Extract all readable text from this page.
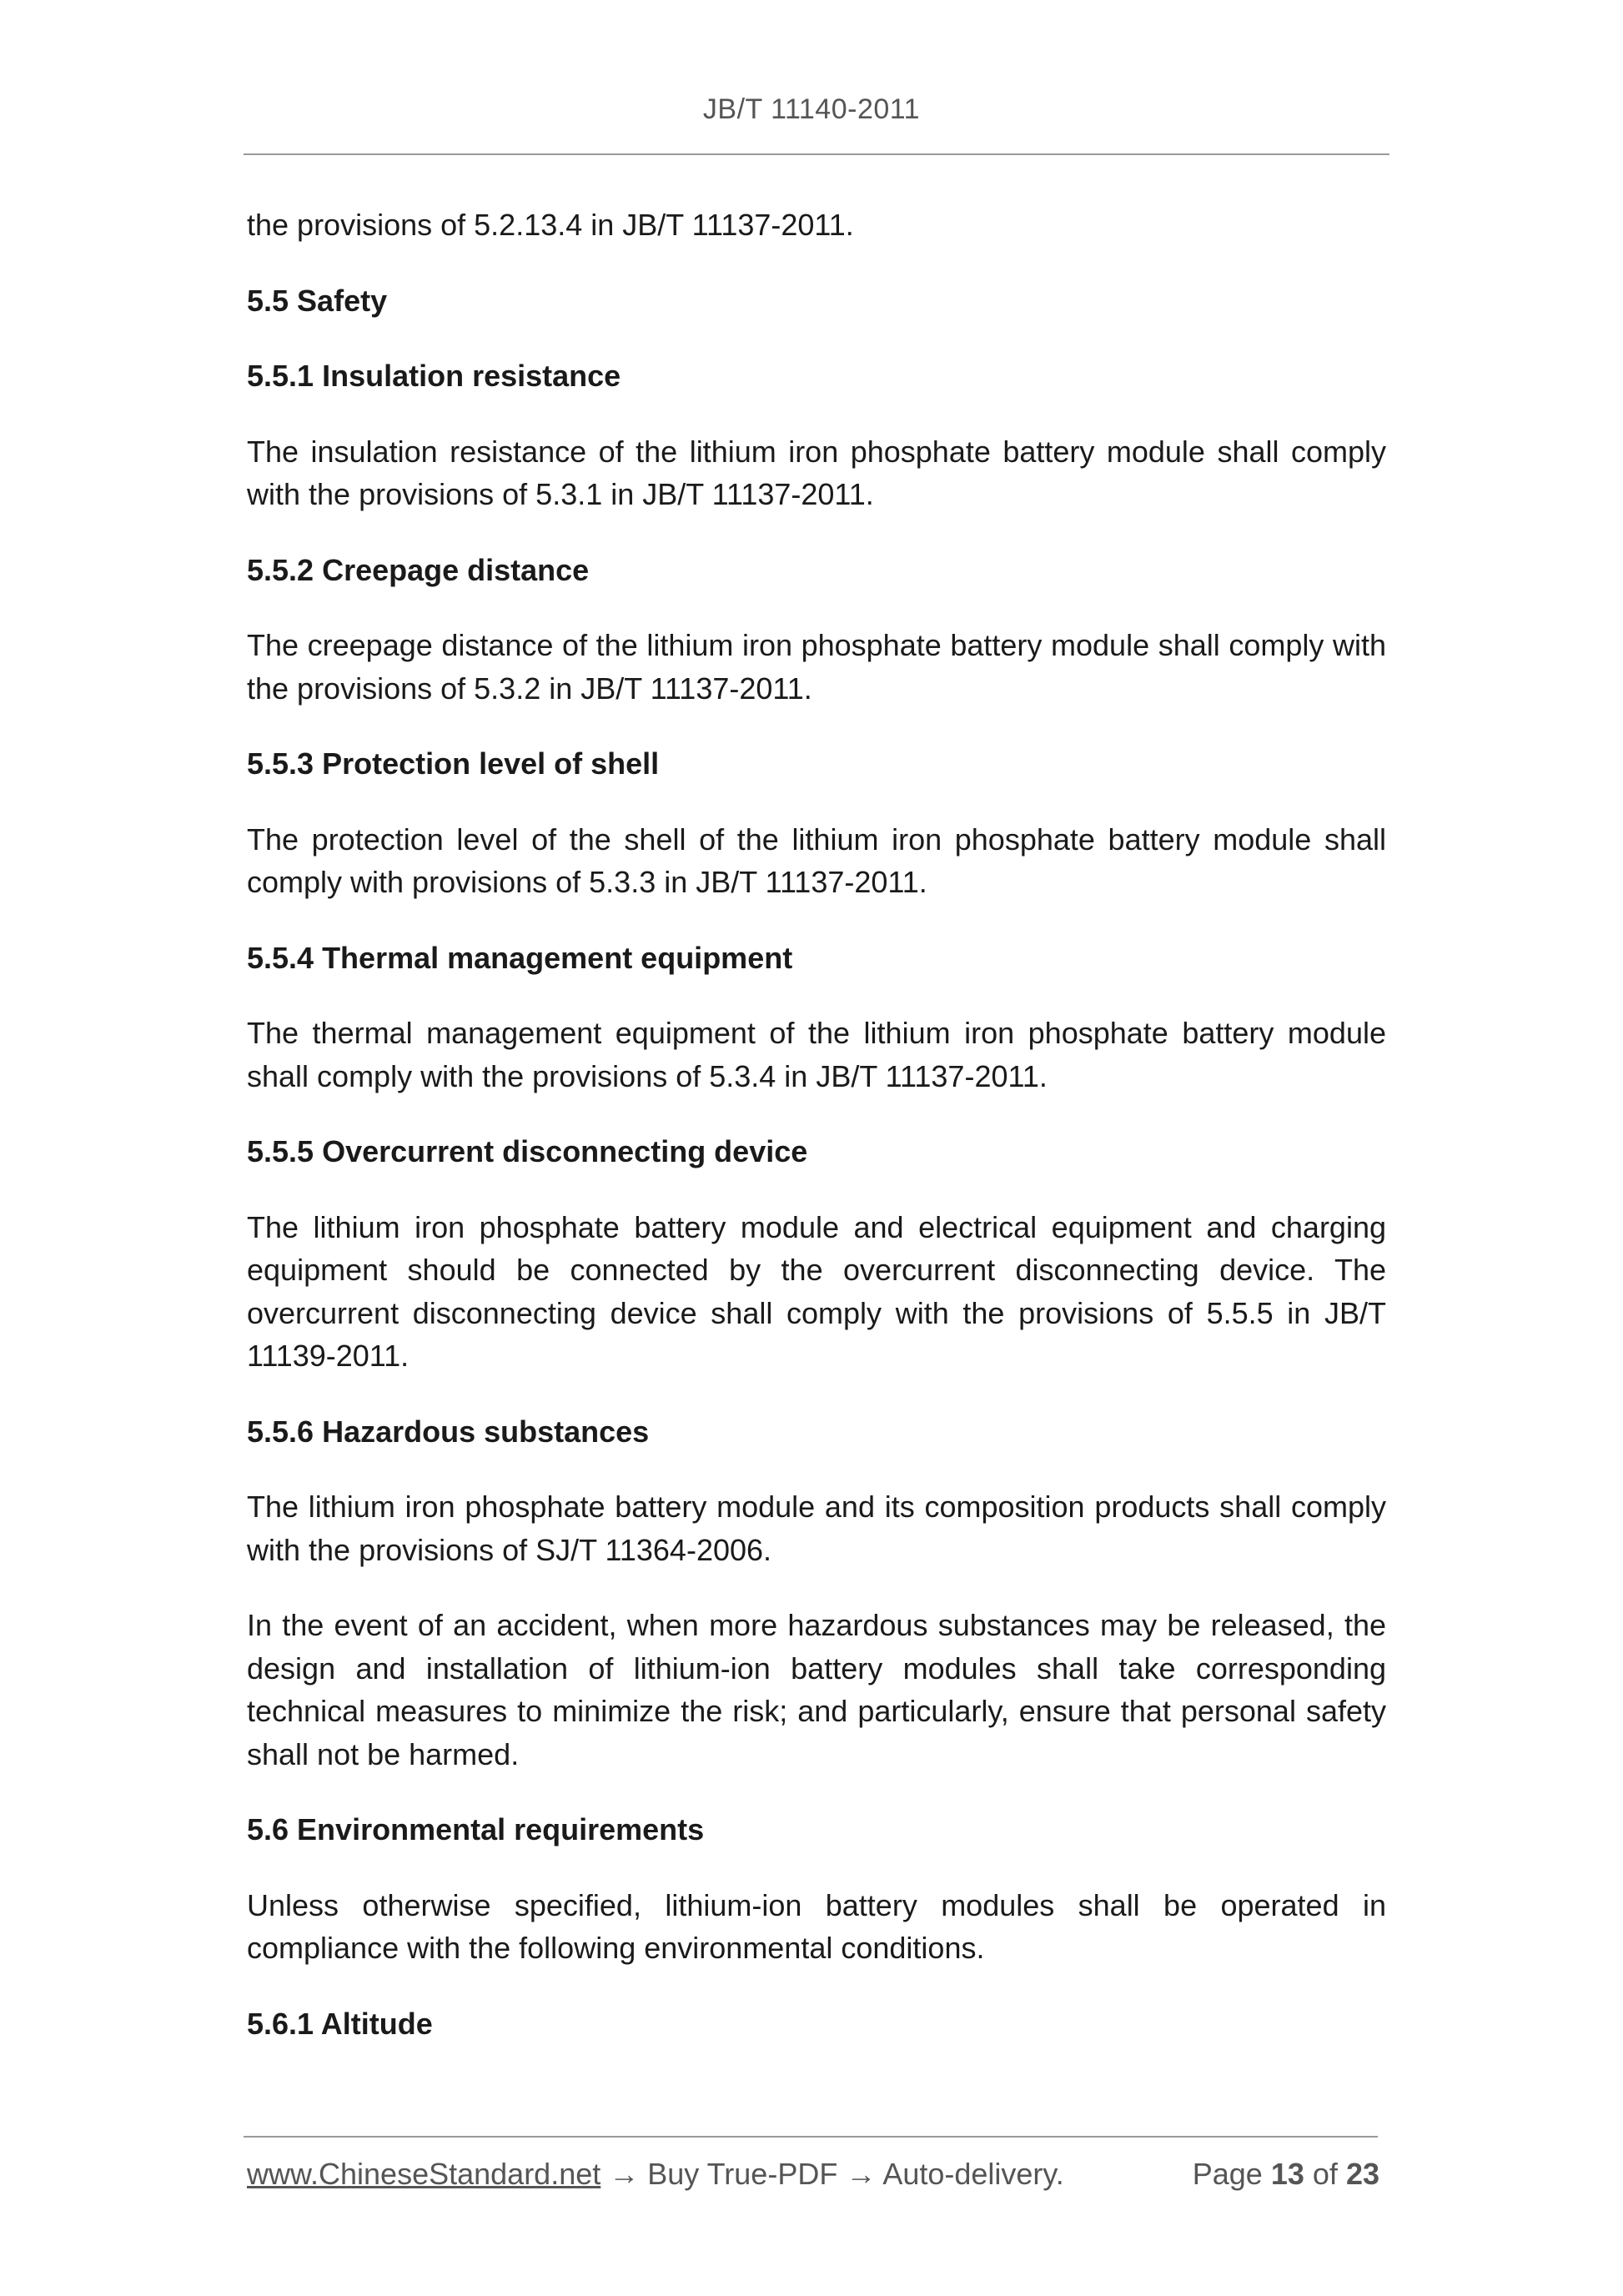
JB/T 11140-2011

the provisions of 5.2.13.4 in JB/T 11137-2011.

5.5 Safety
5.5.1 Insulation resistance

The insulation resistance of the lithium iron phosphate battery module shall comply with the provisions of 5.3.1 in JB/T 11137-2011.

5.5.2 Creepage distance

The creepage distance of the lithium iron phosphate battery module shall comply with the provisions of 5.3.2 in JB/T 11137-2011.

5.5.3 Protection level of shell

The protection level of the shell of the lithium iron phosphate battery module shall comply with provisions of 5.3.3 in JB/T 11137-2011.

5.5.4 Thermal management equipment

The thermal management equipment of the lithium iron phosphate battery module shall comply with the provisions of 5.3.4 in JB/T 11137-2011.

5.5.5 Overcurrent disconnecting device

The lithium iron phosphate battery module and electrical equipment and charging equipment should be connected by the overcurrent disconnecting device. The overcurrent disconnecting device shall comply with the provisions of 5.5.5 in JB/T 11139-2011.

5.5.6 Hazardous substances

The lithium iron phosphate battery module and its composition products shall comply with the provisions of SJ/T 11364-2006.

In the event of an accident, when more hazardous substances may be released, the design and installation of lithium-ion battery modules shall take corresponding technical measures to minimize the risk; and particularly, ensure that personal safety shall not be harmed.

5.6 Environmental requirements

Unless otherwise specified, lithium-ion battery modules shall be operated in compliance with the following environmental conditions.

5.6.1 Altitude
www.ChineseStandard.net → Buy True-PDF → Auto-delivery.	Page 13 of 23
